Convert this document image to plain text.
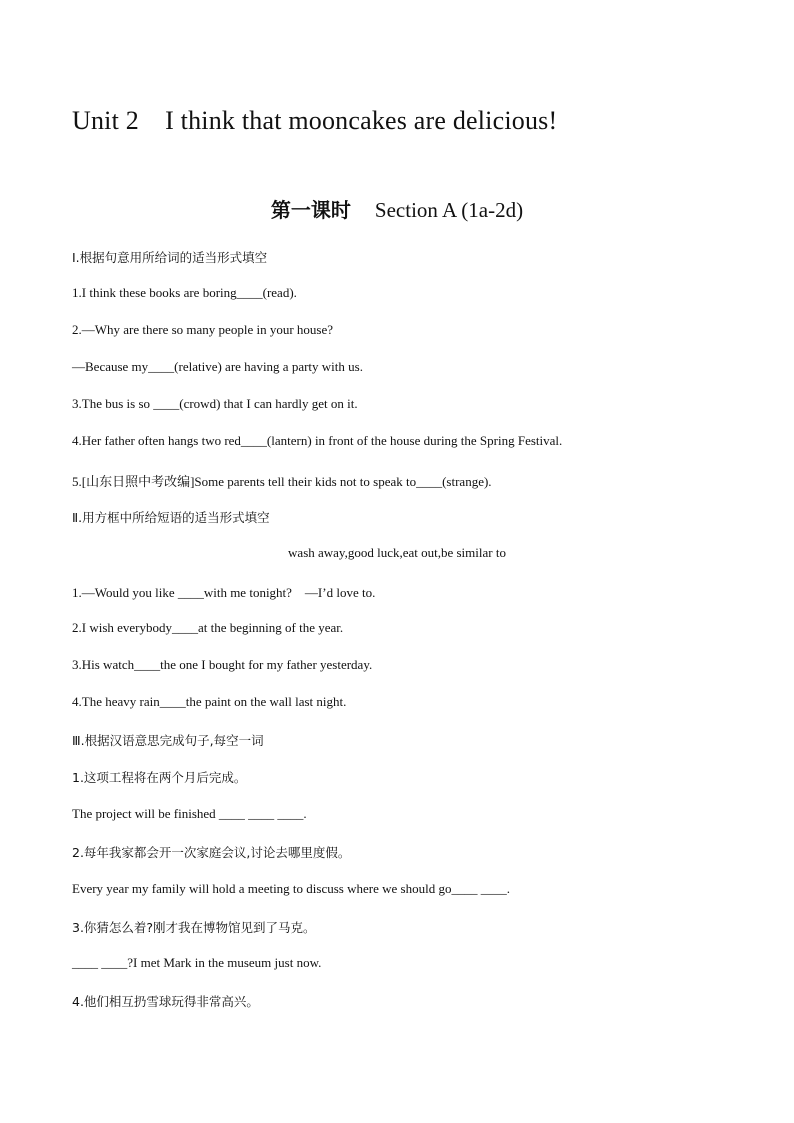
Unit 2　I think that mooncakes are delicious!
第一课时 Section A (1a-2d)
Ⅰ.根据句意用所给词的适当形式填空
1.I think these books are boring____(read).
2.—Why are there so many people in your house?
—Because my____(relative) are having a party with us.
3.The bus is so ____(crowd) that I can hardly get on it.
4.Her father often hangs two red____(lantern) in front of the house during the Spring Festival.
5.[山东日照中考改编]Some parents tell their kids not to speak to____(strange).
Ⅱ.用方框中所给短语的适当形式填空
wash away,good luck,eat out,be similar to
1.—Would you like ____with me tonight?　—I’d love to.
2.I wish everybody____at the beginning of the year.
3.His watch____the one I bought for my father yesterday.
4.The heavy rain____the paint on the wall last night.
Ⅲ.根据汉语意思完成句子,每空一词
1.这项工程将在两个月后完成。
The project will be finished ____ ____ ____.
2.每年我家都会开一次家庭会议,讨论去哪里度假。
Every year my family will hold a meeting to discuss where we should go____ ____.
3.你猜怎么着?刚才我在博物馆见到了马克。
____ ____?I met Mark in the museum just now.
4.他们相互扔雪球玩得非常高兴。
